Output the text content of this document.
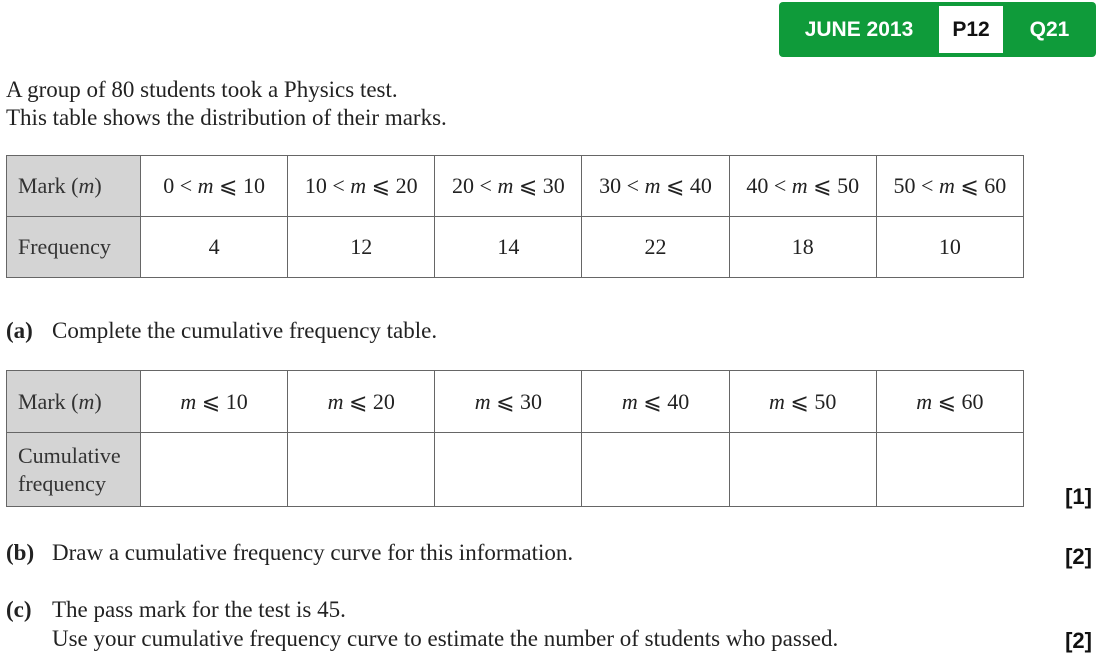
JUNE 2013	P12	Q21
A group of 80 students took a Physics test.
This table shows the distribution of their marks.
Mark (m)	0 < m ⩽ 10	10 < m ⩽ 20	20 < m ⩽ 30	30 < m ⩽ 40	40 < m ⩽ 50	50 < m ⩽ 60
Frequency	4	12	14	22	18	10
(a) Complete the cumulative frequency table.
Mark (m)	m ⩽ 10	m ⩽ 20	m ⩽ 30	m ⩽ 40	m ⩽ 50	m ⩽ 60
Cumulative frequency						
[1]
(b) Draw a cumulative frequency curve for this information.	[2]
(c) The pass mark for the test is 45.
Use your cumulative frequency curve to estimate the number of students who passed.	[2]
